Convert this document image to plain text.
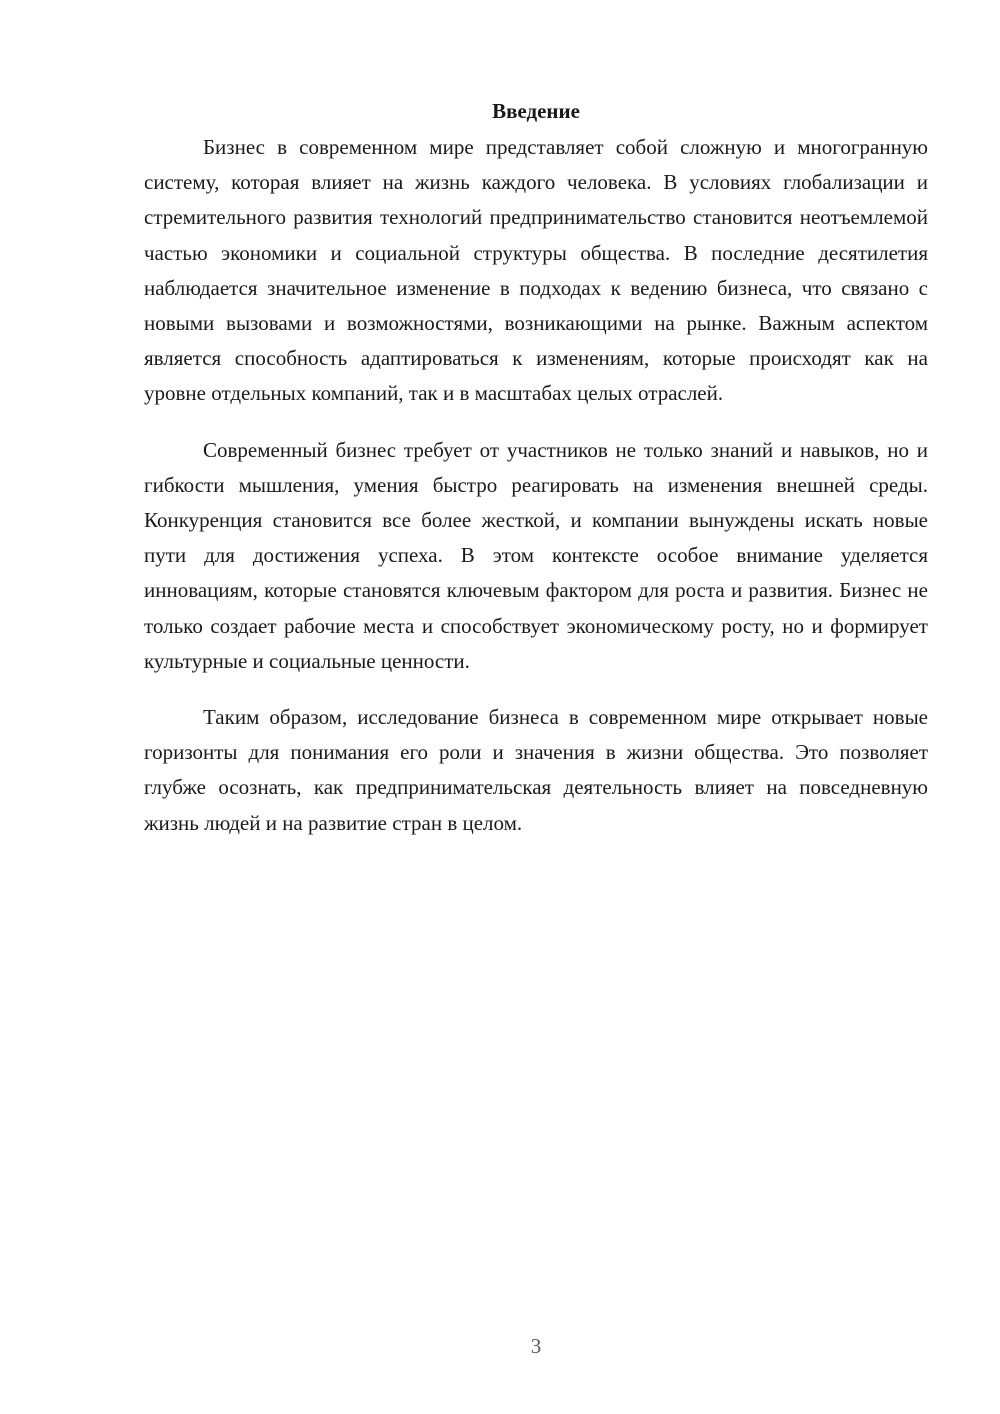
Введение

Бизнес в современном мире представляет собой сложную и многогранную систему, которая влияет на жизнь каждого человека. В условиях глобализации и стремительного развития технологий предпринимательство становится неотъемлемой частью экономики и социальной структуры общества. В последние десятилетия наблюдается значительное изменение в подходах к ведению бизнеса, что связано с новыми вызовами и возможностями, возникающими на рынке. Важным аспектом является способность адаптироваться к изменениям, которые происходят как на уровне отдельных компаний, так и в масштабах целых отраслей.

Современный бизнес требует от участников не только знаний и навыков, но и гибкости мышления, умения быстро реагировать на изменения внешней среды. Конкуренция становится все более жесткой, и компании вынуждены искать новые пути для достижения успеха. В этом контексте особое внимание уделяется инновациям, которые становятся ключевым фактором для роста и развития. Бизнес не только создает рабочие места и способствует экономическому росту, но и формирует культурные и социальные ценности.

Таким образом, исследование бизнеса в современном мире открывает новые горизонты для понимания его роли и значения в жизни общества. Это позволяет глубже осознать, как предпринимательская деятельность влияет на повседневную жизнь людей и на развитие стран в целом.

3
